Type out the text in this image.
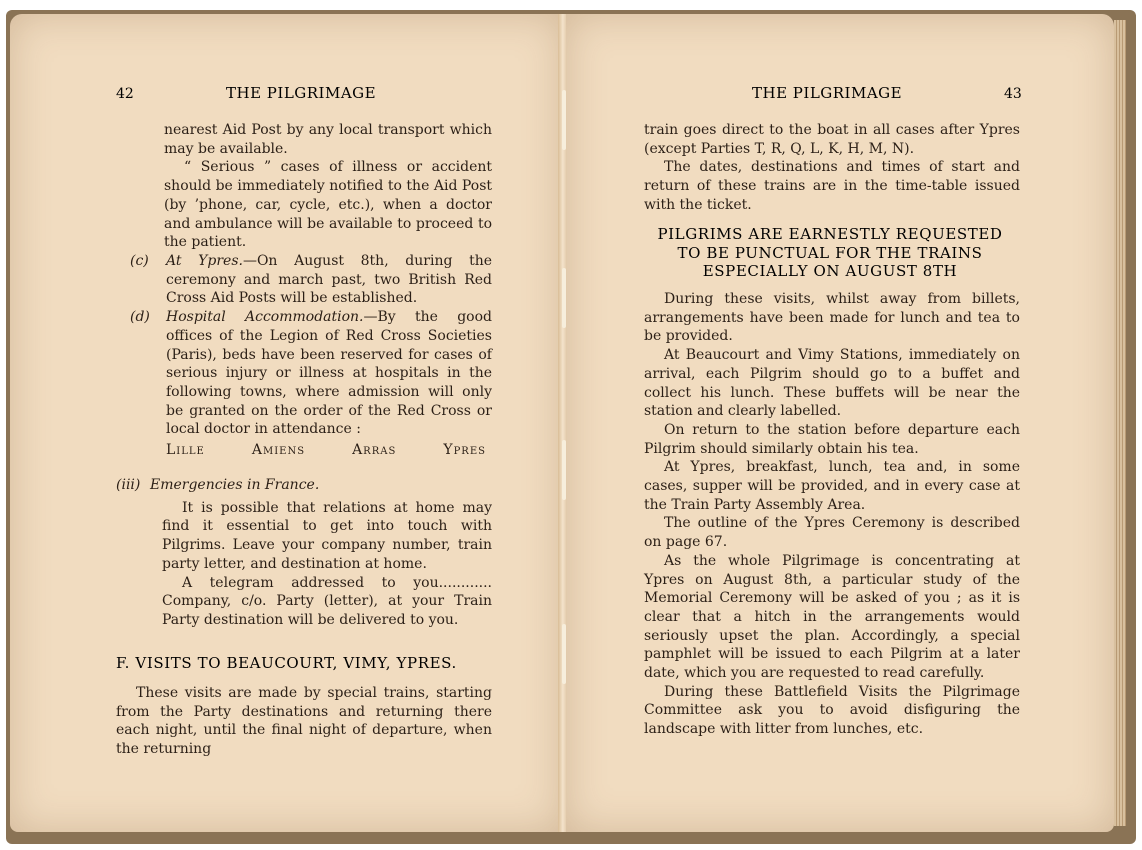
42	THE PILGRIMAGE

nearest Aid Post by any local transport which may be available.

“ Serious ” cases of illness or accident should be immediately notified to the Aid Post (by ’phone, car, cycle, etc.), when a doctor and ambulance will be available to proceed to the patient.

(c) At Ypres.—On August 8th, during the ceremony and march past, two British Red Cross Aid Posts will be established.
(d) Hospital Accommodation.—By the good offices of the Legion of Red Cross Societies (Paris), beds have been reserved for cases of serious injury or illness at hospitals in the following towns, where admission will only be granted on the order of the Red Cross or local doctor in attendance :
Lille	Amiens	Arras	Ypres
(iii) Emergencies in France.

It is possible that relations at home may find it essential to get into touch with Pilgrims. Leave your company number, train party letter, and destination at home.

A telegram addressed to you............ Company, c/o. Party (letter), at your Train Party destination will be delivered to you.

F. VISITS TO BEAUCOURT, VIMY, YPRES.

These visits are made by special trains, starting from the Party destinations and returning there each night, until the final night of departure, when the returning

THE PILGRIMAGE	43

train goes direct to the boat in all cases after Ypres (except Parties T, R, Q, L, K, H, M, N).

The dates, destinations and times of start and return of these trains are in the time-table issued with the ticket.

PILGRIMS ARE EARNESTLY REQUESTED
TO BE PUNCTUAL FOR THE TRAINS
ESPECIALLY ON AUGUST 8TH

During these visits, whilst away from billets, arrangements have been made for lunch and tea to be provided.

At Beaucourt and Vimy Stations, immediately on arrival, each Pilgrim should go to a buffet and collect his lunch. These buffets will be near the station and clearly labelled.

On return to the station before departure each Pilgrim should similarly obtain his tea.

At Ypres, breakfast, lunch, tea and, in some cases, supper will be provided, and in every case at the Train Party Assembly Area.

The outline of the Ypres Ceremony is described on page 67.

As the whole Pilgrimage is concentrating at Ypres on August 8th, a particular study of the Memorial Ceremony will be asked of you ; as it is clear that a hitch in the arrangements would seriously upset the plan. Accordingly, a special pamphlet will be issued to each Pilgrim at a later date, which you are requested to read carefully.

During these Battlefield Visits the Pilgrimage Committee ask you to avoid disfiguring the landscape with litter from lunches, etc.
